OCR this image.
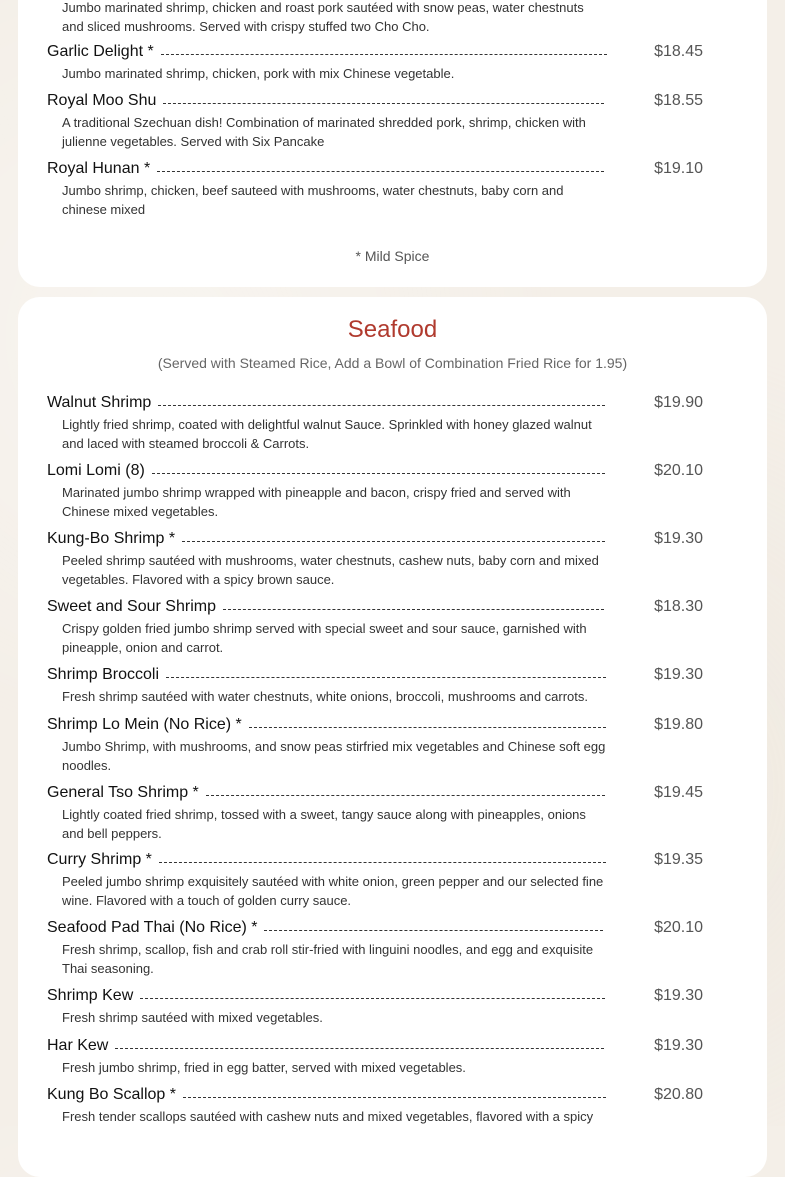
Jumbo marinated shrimp, chicken and roast pork sautéed with snow peas, water chestnuts and sliced mushrooms. Served with crispy stuffed two Cho Cho.
Garlic Delight *	$18.45
Jumbo marinated shrimp, chicken, pork with mix Chinese vegetable.
Royal Moo Shu	$18.55
A traditional Szechuan dish! Combination of marinated shredded pork, shrimp, chicken with julienne vegetables. Served with Six Pancake
Royal Hunan *	$19.10
Jumbo shrimp, chicken, beef sauteed with mushrooms, water chestnuts, baby corn and chinese mixed
* Mild Spice
Seafood
(Served with Steamed Rice, Add a Bowl of Combination Fried Rice for 1.95)
Walnut Shrimp	$19.90
Lightly fried shrimp, coated with delightful walnut Sauce. Sprinkled with honey glazed walnut and laced with steamed broccoli & Carrots.
Lomi Lomi (8)	$20.10
Marinated jumbo shrimp wrapped with pineapple and bacon, crispy fried and served with Chinese mixed vegetables.
Kung-Bo Shrimp *	$19.30
Peeled shrimp sautéed with mushrooms, water chestnuts, cashew nuts, baby corn and mixed vegetables. Flavored with a spicy brown sauce.
Sweet and Sour Shrimp	$18.30
Crispy golden fried jumbo shrimp served with special sweet and sour sauce, garnished with pineapple, onion and carrot.
Shrimp Broccoli	$19.30
Fresh shrimp sautéed with water chestnuts, white onions, broccoli, mushrooms and carrots.
Shrimp Lo Mein (No Rice) *	$19.80
Jumbo Shrimp, with mushrooms, and snow peas stirfried mix vegetables and Chinese soft egg noodles.
General Tso Shrimp *	$19.45
Lightly coated fried shrimp, tossed with a sweet, tangy sauce along with pineapples, onions and bell peppers.
Curry Shrimp *	$19.35
Peeled jumbo shrimp exquisitely sautéed with white onion, green pepper and our selected fine wine. Flavored with a touch of golden curry sauce.
Seafood Pad Thai (No Rice) *	$20.10
Fresh shrimp, scallop, fish and crab roll stir-fried with linguini noodles, and egg and exquisite Thai seasoning.
Shrimp Kew	$19.30
Fresh shrimp sautéed with mixed vegetables.
Har Kew	$19.30
Fresh jumbo shrimp, fried in egg batter, served with mixed vegetables.
Kung Bo Scallop *	$20.80
Fresh tender scallops sautéed with cashew nuts and mixed vegetables, flavored with a spicy
